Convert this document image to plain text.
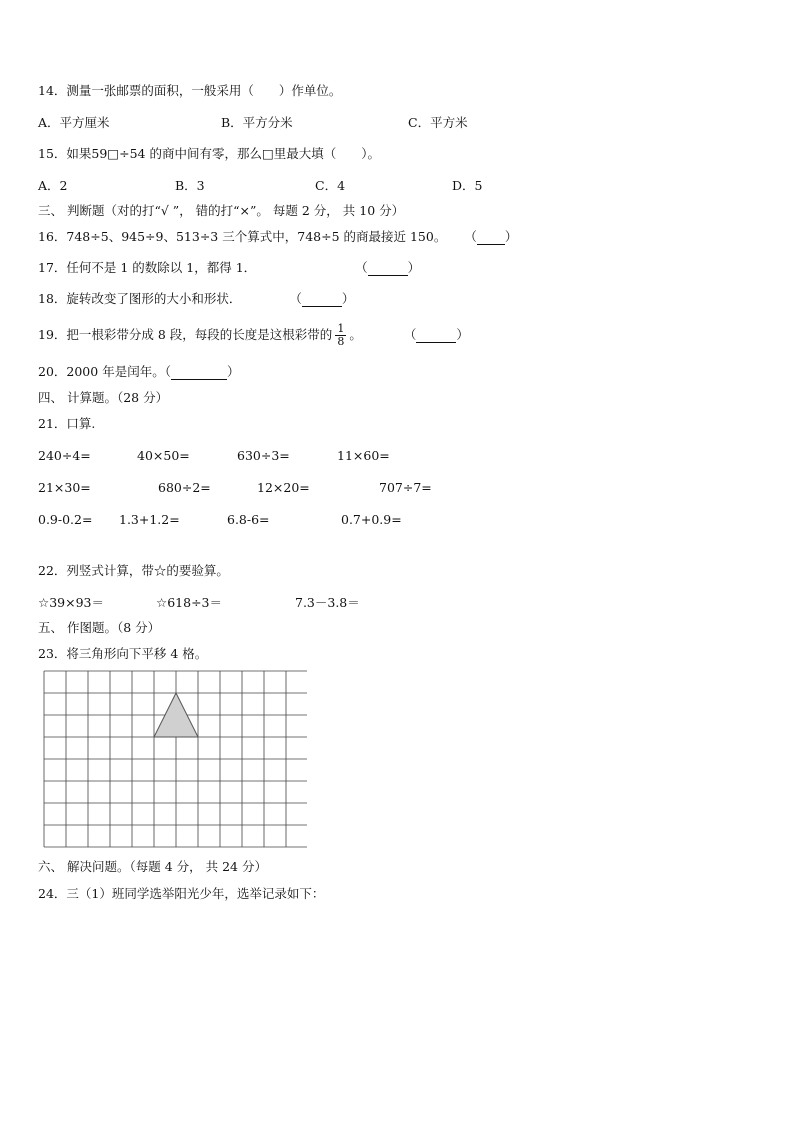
14．测量一张邮票的面积，一般采用（　　）作单位。
A．平方厘米	B．平方分米	C．平方米
15．如果59□÷54 的商中间有零，那么□里最大填（　　）。
A．2	B．3	C．4	D．5
三、 判断题（对的打“√ ”， 错的打“×”。 每题 2 分， 共 10 分）
16．748÷5、945÷9、513÷3 三个算式中，748÷5 的商最接近 150。 （ ）
17．任何不是 1 的数除以 1，都得 1．	（	）
18．旋转改变了图形的大小和形状．	（	）
19．把一根彩带分成 8 段，每段的长度是这根彩带的 $\frac{1}{8}$ 。	（	）
20．2000 年是闰年。（	）
四、 计算题。（28 分）
21．口算.
240÷4=	40×50=	630÷3=	11×60=
21×30=	680÷2=	12×20=	707÷7=
0.9-0.2= 1.3+1.2=	6.8-6=	0.7+0.9=
22．列竖式计算，带☆的要验算。
☆39×93＝	☆618÷3＝	7.3－3.8＝
五、 作图题。（8 分）
23．将三角形向下平移 4 格。
六、 解决问题。（每题 4 分， 共 24 分）
24．三（1）班同学选举阳光少年，选举记录如下：
